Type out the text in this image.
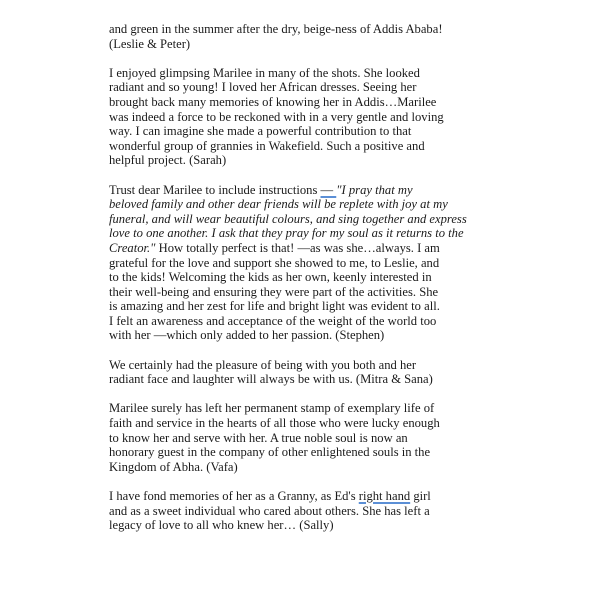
and green in the summer after the dry, beige-ness of Addis Ababa!
(Leslie & Peter)

I enjoyed glimpsing Marilee in many of the shots. She looked
radiant and so young! I loved her African dresses. Seeing her
brought back many memories of knowing her in Addis…Marilee
was indeed a force to be reckoned with in a very gentle and loving
way. I can imagine she made a powerful contribution to that
wonderful group of grannies in Wakefield. Such a positive and
helpful project. (Sarah)

Trust dear Marilee to include instructions — "I pray that my
beloved family and other dear friends will be replete with joy at my
funeral, and will wear beautiful colours, and sing together and express
love to one another. I ask that they pray for my soul as it returns to the
Creator." How totally perfect is that! —as was she…always. I am
grateful for the love and support she showed to me, to Leslie, and
to the kids! Welcoming the kids as her own, keenly interested in
their well-being and ensuring they were part of the activities. She
is amazing and her zest for life and bright light was evident to all.
I felt an awareness and acceptance of the weight of the world too
with her —which only added to her passion. (Stephen)

We certainly had the pleasure of being with you both and her
radiant face and laughter will always be with us. (Mitra & Sana)

Marilee surely has left her permanent stamp of exemplary life of
faith and service in the hearts of all those who were lucky enough
to know her and serve with her. A true noble soul is now an
honorary guest in the company of other enlightened souls in the
Kingdom of Abha. (Vafa)

I have fond memories of her as a Granny, as Ed's right hand girl
and as a sweet individual who cared about others. She has left a
legacy of love to all who knew her… (Sally)
